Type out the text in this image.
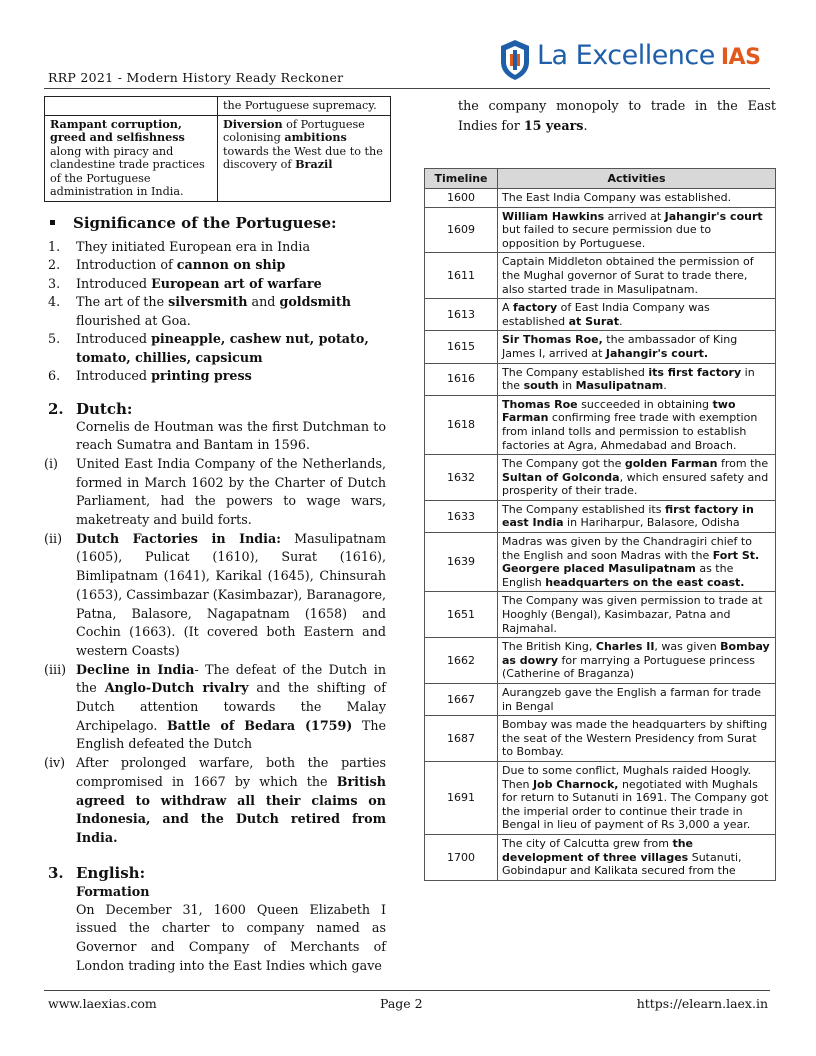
RRP 2021 - Modern History Ready Reckoner
La Excellence IAS
	the Portuguese supremacy.
Rampant corruption, greed and selfishness along with piracy and clandestine trade practices of the Portuguese administration in India.	Diversion of Portuguese colonising ambitions towards the West due to the discovery of Brazil
Significance of the Portuguese:
1.	They initiated European era in India
2.	Introduction of cannon on ship
3.	Introduced European art of warfare
4.	The art of the silversmith and goldsmith flourished at Goa.
5.	Introduced pineapple, cashew nut, potato, tomato, chillies, capsicum
6.	Introduced printing press
2. Dutch:
Cornelis de Houtman was the first Dutchman to reach Sumatra and Bantam in 1596.
(i)	United East India Company of the Netherlands, formed in March 1602 by the Charter of Dutch Parliament, had the powers to wage wars, maketreaty and build forts.
(ii)	Dutch Factories in India: Masulipatnam (1605), Pulicat (1610), Surat (1616), Bimlipatnam (1641), Karikal (1645), Chinsurah (1653), Cassimbazar (Kasimbazar), Baranagore, Patna, Balasore, Nagapatnam (1658) and Cochin (1663). (It covered both Eastern and western Coasts)
(iii) Decline in India- The defeat of the Dutch in the Anglo-Dutch rivalry and the shifting of Dutch attention towards the Malay Archipelago. Battle of Bedara (1759) The English defeated the Dutch
(iv) After prolonged warfare, both the parties compromised in 1667 by which the British agreed to withdraw all their claims on Indonesia, and the Dutch retired from India.
3. English:
Formation
On December 31, 1600 Queen Elizabeth I issued the charter to company named as Governor and Company of Merchants of London trading into the East Indies which gave
the company monopoly to trade in the East Indies for 15 years.
Timeline	Activities
1600	The East India Company was established.
1609	William Hawkins arrived at Jahangir's court but failed to secure permission due to opposition by Portuguese.
1611	Captain Middleton obtained the permission of the Mughal governor of Surat to trade there, also started trade in Masulipatnam.
1613	A factory of East India Company was established at Surat.
1615	Sir Thomas Roe, the ambassador of King James I, arrived at Jahangir's court.
1616	The Company established its first factory in the south in Masulipatnam.
1618	Thomas Roe succeeded in obtaining two Farman confirming free trade with exemption from inland tolls and permission to establish factories at Agra, Ahmedabad and Broach.
1632	The Company got the golden Farman from the Sultan of Golconda, which ensured safety and prosperity of their trade.
1633	The Company established its first factory in east India in Hariharpur, Balasore, Odisha
1639	Madras was given by the Chandragiri chief to the English and soon Madras with the Fort St. Georgere placed Masulipatnam as the English headquarters on the east coast.
1651	The Company was given permission to trade at Hooghly (Bengal), Kasimbazar, Patna and Rajmahal.
1662	The British King, Charles II, was given Bombay as dowry for marrying a Portuguese princess (Catherine of Braganza)
1667	Aurangzeb gave the English a farman for trade in Bengal
1687	Bombay was made the headquarters by shifting the seat of the Western Presidency from Surat to Bombay.
1691	Due to some conflict, Mughals raided Hoogly. Then Job Charnock, negotiated with Mughals for return to Sutanuti in 1691. The Company got the imperial order to continue their trade in Bengal in lieu of payment of Rs 3,000 a year.
1700	The city of Calcutta grew from the development of three villages Sutanuti, Gobindapur and Kalikata secured from the
www.laexias.com	Page 2	https://elearn.laex.in
